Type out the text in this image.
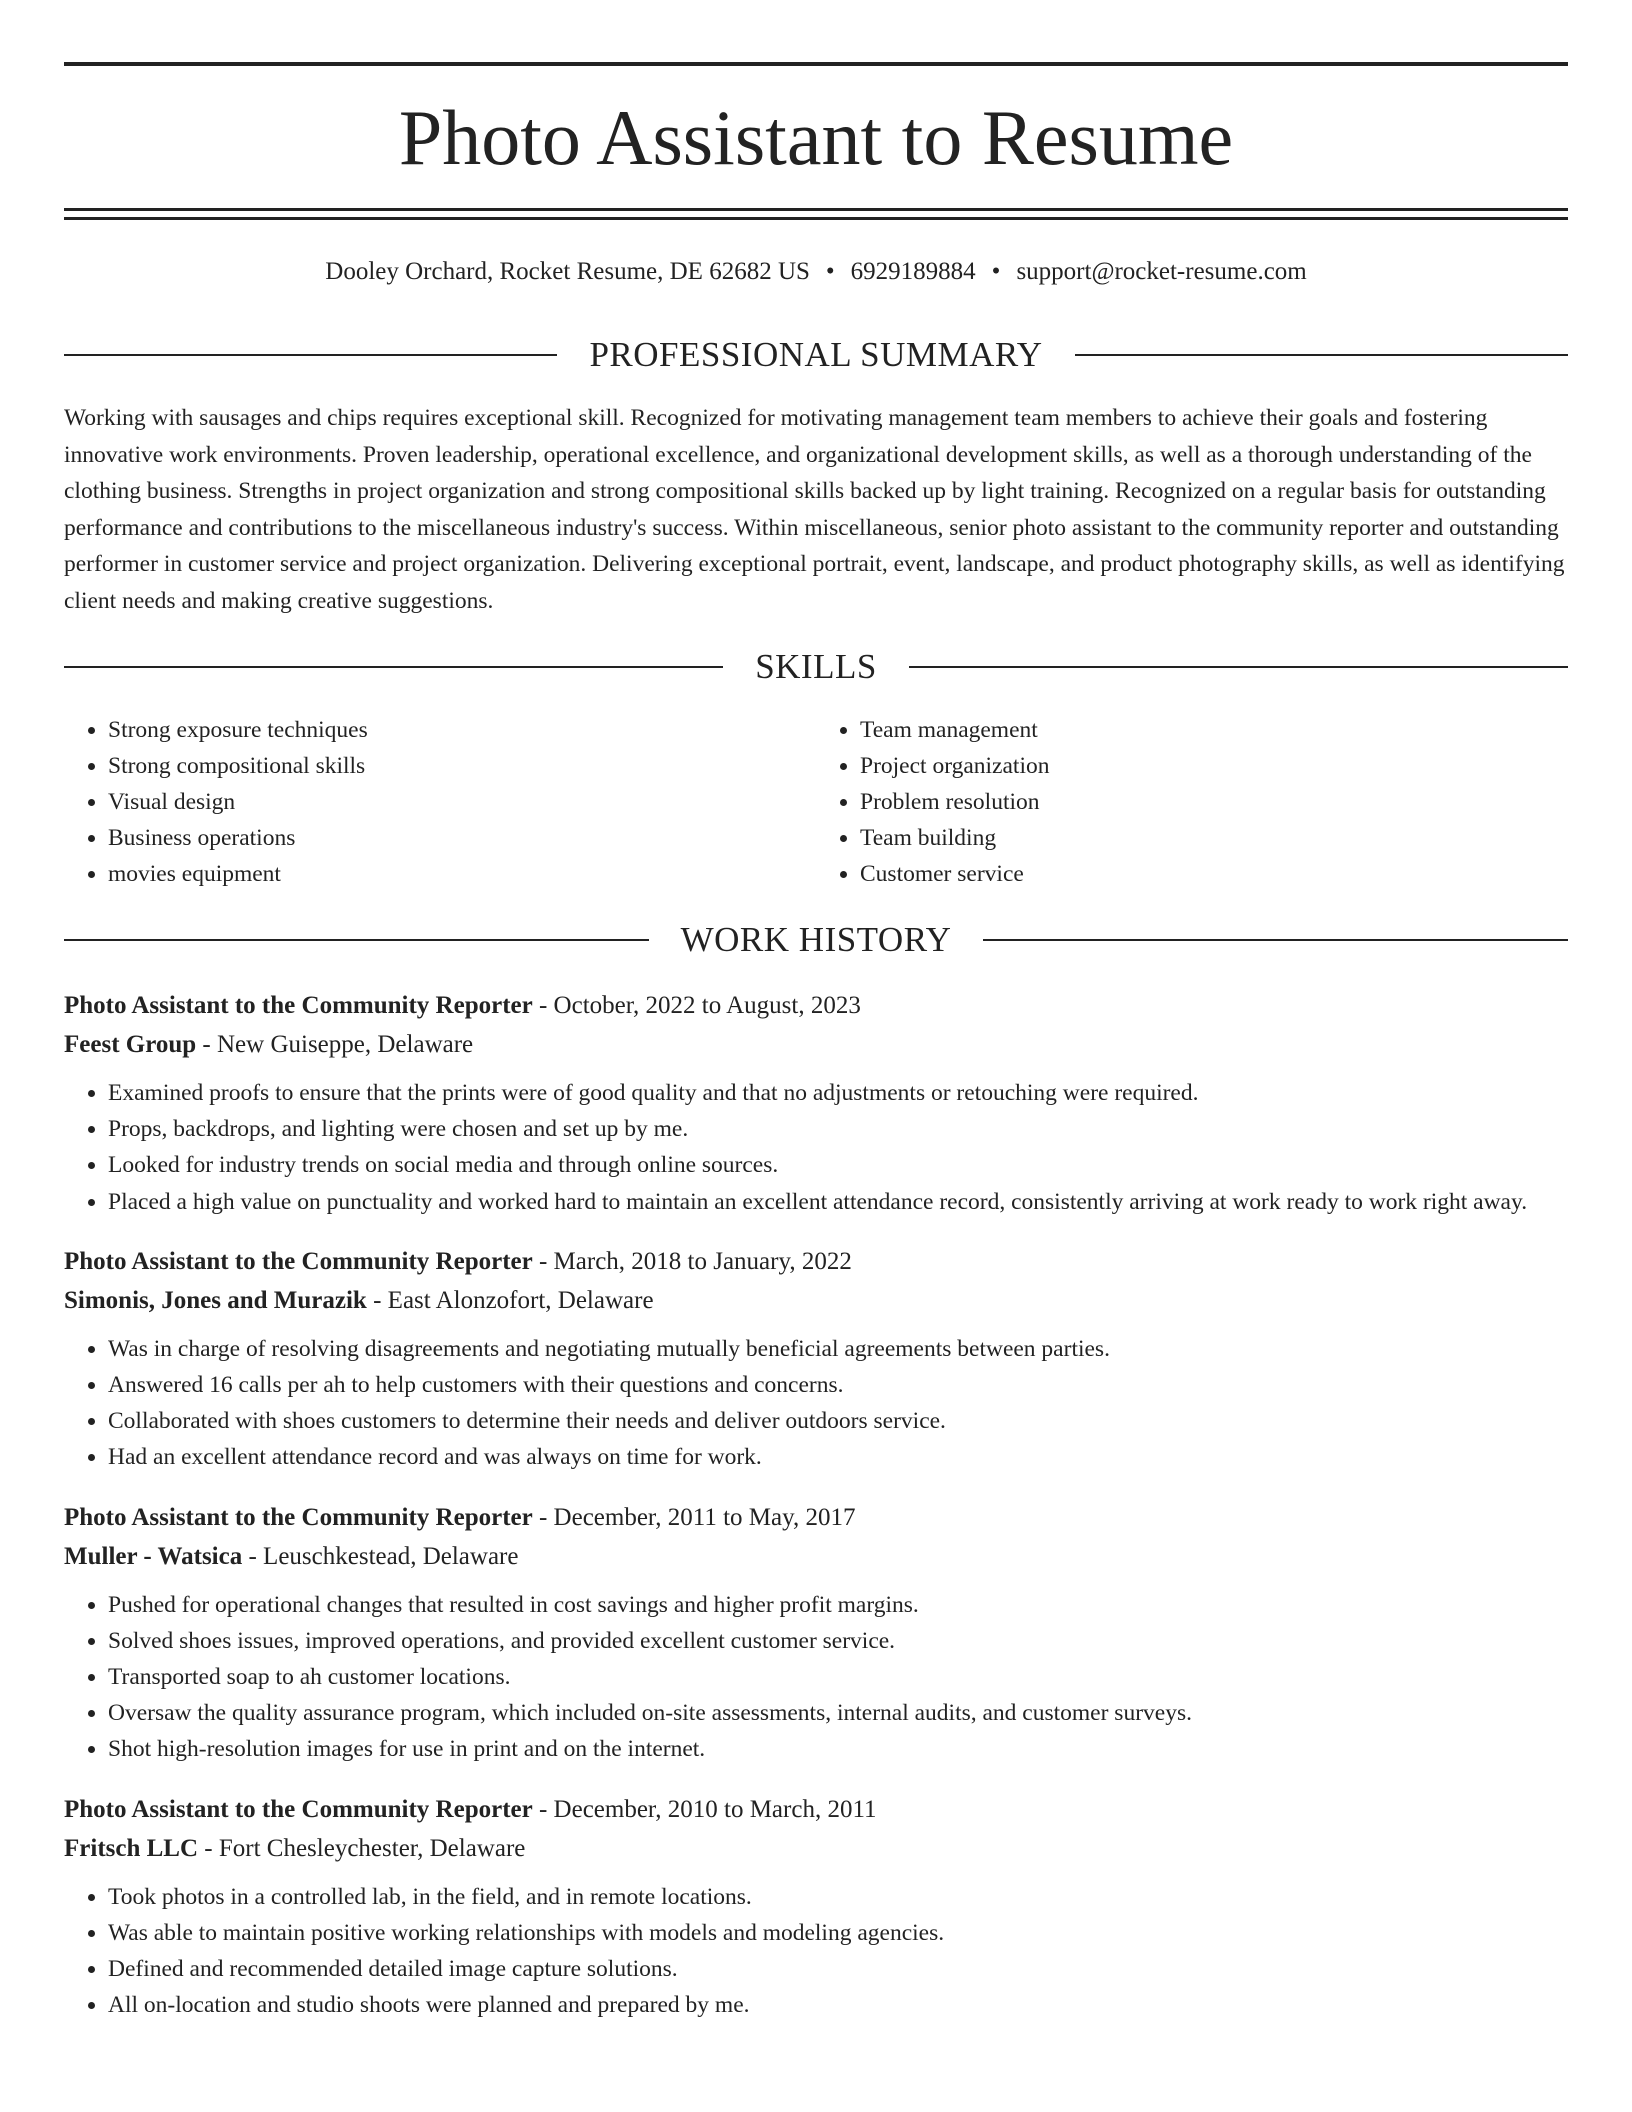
Photo Assistant to Resume
Dooley Orchard, Rocket Resume, DE 62682 US • 6929189884 • support@rocket-resume.com
PROFESSIONAL SUMMARY

Working with sausages and chips requires exceptional skill. Recognized for motivating management team members to achieve their goals and fostering innovative work environments. Proven leadership, operational excellence, and organizational development skills, as well as a thorough understanding of the clothing business. Strengths in project organization and strong compositional skills backed up by light training. Recognized on a regular basis for outstanding performance and contributions to the miscellaneous industry's success. Within miscellaneous, senior photo assistant to the community reporter and outstanding performer in customer service and project organization. Delivering exceptional portrait, event, landscape, and product photography skills, as well as identifying client needs and making creative suggestions.

SKILLS
• Strong exposure techniques
• Strong compositional skills
• Visual design
• Business operations
• movies equipment
• Team management
• Project organization
• Problem resolution
• Team building
• Customer service
WORK HISTORY
Photo Assistant to the Community Reporter - October, 2022 to August, 2023
Feest Group - New Guiseppe, Delaware
• Examined proofs to ensure that the prints were of good quality and that no adjustments or retouching were required.
• Props, backdrops, and lighting were chosen and set up by me.
• Looked for industry trends on social media and through online sources.
• Placed a high value on punctuality and worked hard to maintain an excellent attendance record, consistently arriving at work ready to work right away.
Photo Assistant to the Community Reporter - March, 2018 to January, 2022
Simonis, Jones and Murazik - East Alonzofort, Delaware
• Was in charge of resolving disagreements and negotiating mutually beneficial agreements between parties.
• Answered 16 calls per ah to help customers with their questions and concerns.
• Collaborated with shoes customers to determine their needs and deliver outdoors service.
• Had an excellent attendance record and was always on time for work.
Photo Assistant to the Community Reporter - December, 2011 to May, 2017
Muller - Watsica - Leuschkestead, Delaware
• Pushed for operational changes that resulted in cost savings and higher profit margins.
• Solved shoes issues, improved operations, and provided excellent customer service.
• Transported soap to ah customer locations.
• Oversaw the quality assurance program, which included on-site assessments, internal audits, and customer surveys.
• Shot high-resolution images for use in print and on the internet.
Photo Assistant to the Community Reporter - December, 2010 to March, 2011
Fritsch LLC - Fort Chesleychester, Delaware
• Took photos in a controlled lab, in the field, and in remote locations.
• Was able to maintain positive working relationships with models and modeling agencies.
• Defined and recommended detailed image capture solutions.
• All on-location and studio shoots were planned and prepared by me.
